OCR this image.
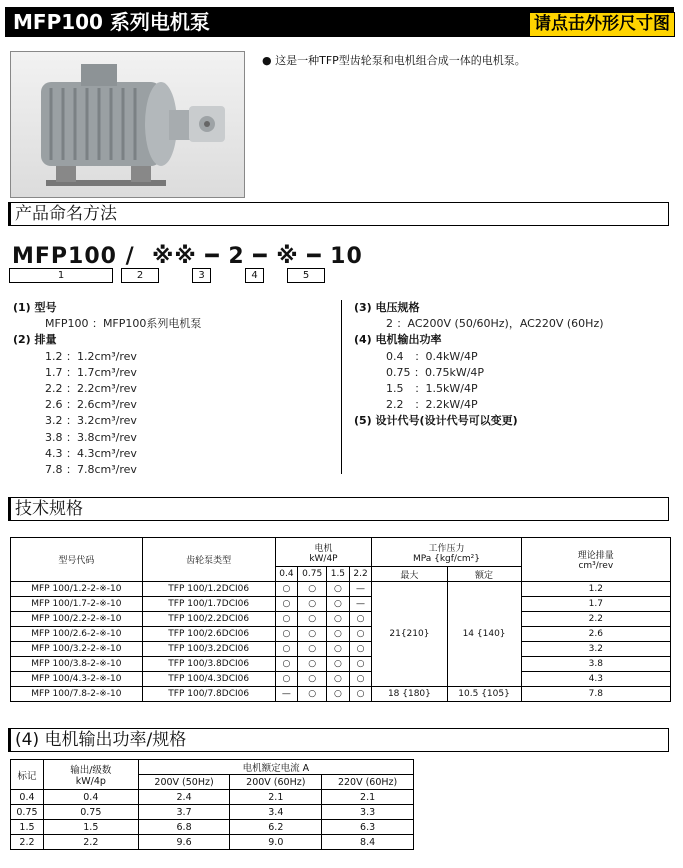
MFP100 系列电机泵	请点击外形尺寸图
● 这是一种TFP型齿轮泵和电机组合成一体的电机泵。
产品命名方法
MFP100 /  ※※ ━ 2 ━ ※ ━ 10
1	2	3	4	5
(1) 型号
MFP100 ：MFP100系列电机泵
(2) 排量
1.2 ：1.2cm³/rev
1.7 ：1.7cm³/rev
2.2 ：2.2cm³/rev
2.6 ：2.6cm³/rev
3.2 ：3.2cm³/rev
3.8 ：3.8cm³/rev
4.3 ：4.3cm³/rev
7.8 ：7.8cm³/rev
(3) 电压规格
2 ：AC200V (50/60Hz)，AC220V (60Hz)
(4) 电机输出功率
0.4　：0.4kW/4P
0.75 ：0.75kW/4P
1.5　：1.5kW/4P
2.2　：2.2kW/4P
(5) 设计代号(设计代号可以变更)
技术规格
型号代码	齿轮泵类型	电机
kW/4P				工作压力
MPa {kgf/cm²}		理论排量
cm³/rev
		0.4	0.75	1.5	2.2	最大	额定	
MFP 100/1.2-2-※-10	TFP 100/1.2DCI06	○	○	○	—	21{210}	14 {140}	1.2
MFP 100/1.7-2-※-10	TFP 100/1.7DCI06	○	○	○	—			1.7
MFP 100/2.2-2-※-10	TFP 100/2.2DCI06	○	○	○	○			2.2
MFP 100/2.6-2-※-10	TFP 100/2.6DCI06	○	○	○	○			2.6
MFP 100/3.2-2-※-10	TFP 100/3.2DCI06	○	○	○	○			3.2
MFP 100/3.8-2-※-10	TFP 100/3.8DCI06	○	○	○	○			3.8
MFP 100/4.3-2-※-10	TFP 100/4.3DCI06	○	○	○	○			4.3
MFP 100/7.8-2-※-10	TFP 100/7.8DCI06	—	○	○	○	18 {180}	10.5 {105}	7.8
(4) 电机输出功率/规格
标记	输出/级数
kW/4p	电机额定电流 A		
		200V (50Hz)	200V (60Hz)	220V (60Hz)
0.4	0.4	2.4	2.1	2.1
0.75	0.75	3.7	3.4	3.3
1.5	1.5	6.8	6.2	6.3
2.2	2.2	9.6	9.0	8.4
